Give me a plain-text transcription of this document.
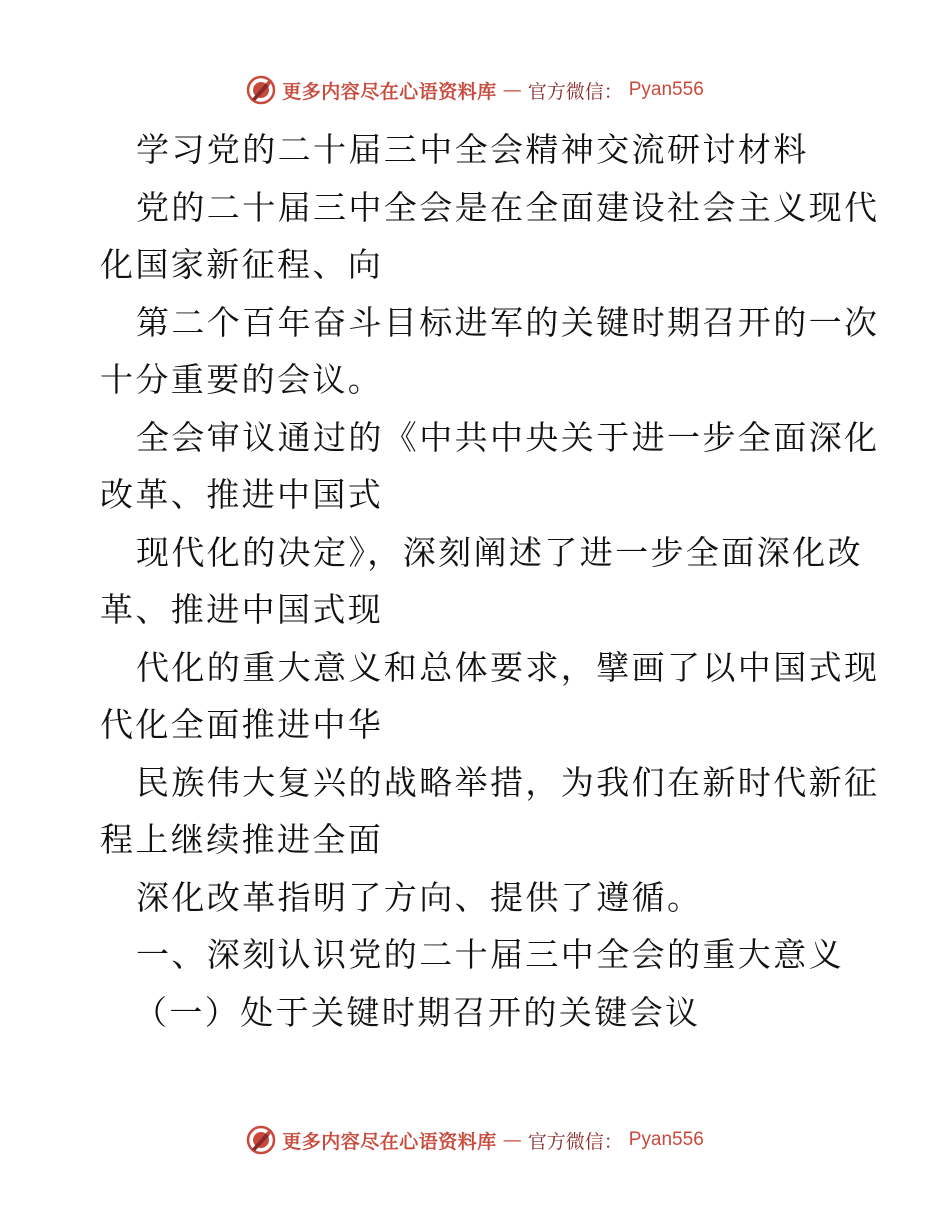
更多内容尽在心语资料库 — 官方微信： Pyan556

学习党的二十届三中全会精神交流研讨材料

党的二十届三中全会是在全面建设社会主义现代

化国家新征程、向

第二个百年奋斗目标进军的关键时期召开的一次

十分重要的会议。

全会审议通过的《中共中央关于进一步全面深化

改革、推进中国式

现代化的决定》，深刻阐述了进一步全面深化改

革、推进中国式现

代化的重大意义和总体要求，擘画了以中国式现

代化全面推进中华

民族伟大复兴的战略举措，为我们在新时代新征

程上继续推进全面

深化改革指明了方向、提供了遵循。

一、深刻认识党的二十届三中全会的重大意义

（一）处于关键时期召开的关键会议

更多内容尽在心语资料库 — 官方微信： Pyan556
